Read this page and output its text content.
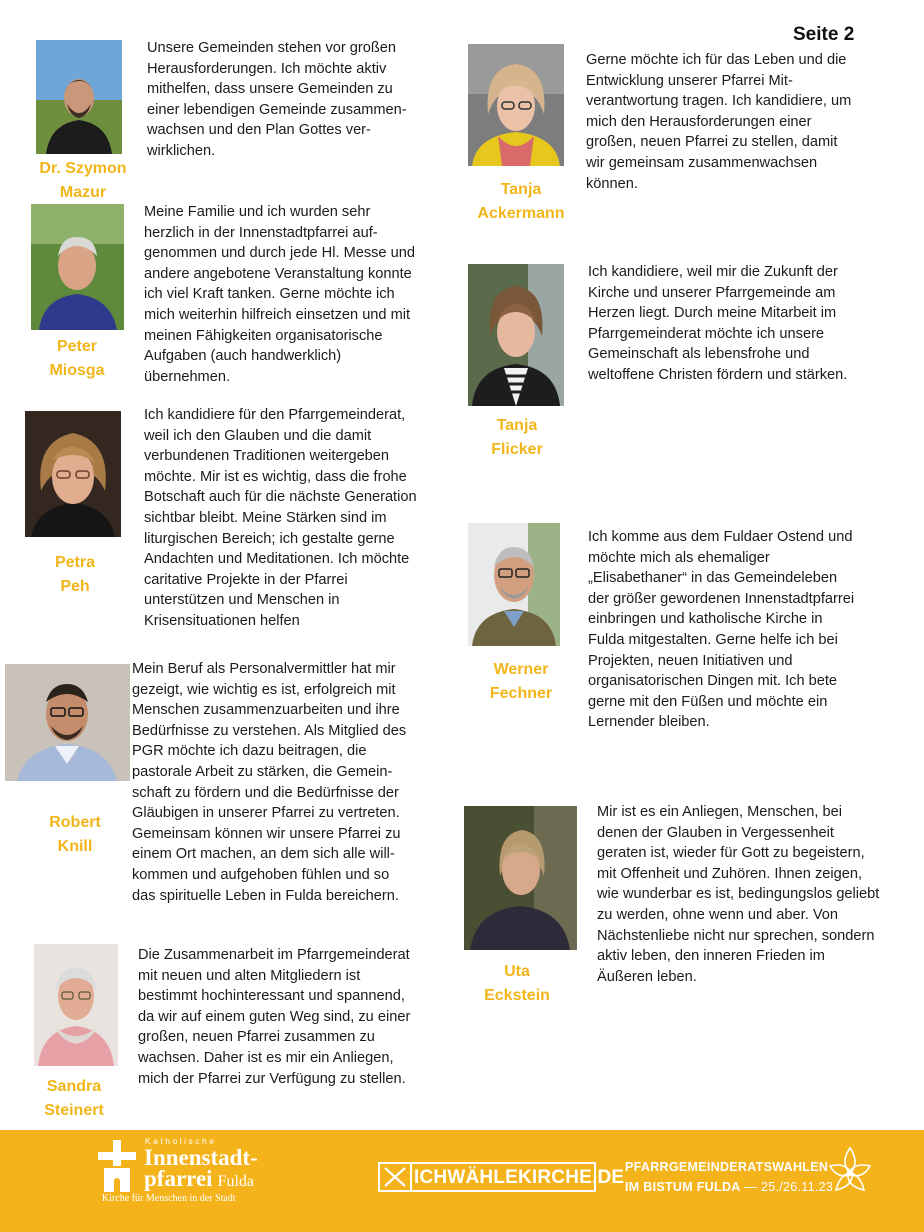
Seite 2
Dr. Szymon
Mazur
Unsere Gemeinden stehen vor großen
Herausforderungen. Ich möchte aktiv
mithelfen, dass unsere Gemeinden zu
einer lebendigen Gemeinde zusammen-
wachsen und den Plan Gottes ver-
wirklichen.
Peter
Miosga
Meine Familie und ich wurden sehr
herzlich in der Innenstadtpfarrei auf-
genommen und durch jede Hl. Messe und
andere angebotene Veranstaltung konnte
ich viel Kraft tanken. Gerne möchte ich
mich weiterhin hilfreich einsetzen und mit
meinen Fähigkeiten organisatorische
Aufgaben (auch handwerklich)
übernehmen.
Petra
Peh
Ich kandidiere für den Pfarrgemeinderat,
weil ich den Glauben und die damit
verbundenen Traditionen weitergeben
möchte. Mir ist es wichtig, dass die frohe
Botschaft auch für die nächste Generation
sichtbar bleibt. Meine Stärken sind im
liturgischen Bereich; ich gestalte gerne
Andachten und Meditationen. Ich möchte
caritative Projekte in der Pfarrei
unterstützen und Menschen in
Krisensituationen helfen
Robert
Knill
Mein Beruf als Personalvermittler hat mir
gezeigt, wie wichtig es ist, erfolgreich mit
Menschen zusammenzuarbeiten und ihre
Bedürfnisse zu verstehen. Als Mitglied des
PGR möchte ich dazu beitragen, die
pastorale Arbeit zu stärken, die Gemein-
schaft zu fördern und die Bedürfnisse der
Gläubigen in unserer Pfarrei zu vertreten.
Gemeinsam können wir unsere Pfarrei zu
einem Ort machen, an dem sich alle will-
kommen und aufgehoben fühlen und so
das spirituelle Leben in Fulda bereichern.
Sandra
Steinert
Die Zusammenarbeit im Pfarrgemeinderat
mit neuen und alten Mitgliedern ist
bestimmt hochinteressant und spannend,
da wir auf einem guten Weg sind, zu einer
großen, neuen Pfarrei zusammen zu
wachsen. Daher ist es mir ein Anliegen,
mich der Pfarrei zur Verfügung zu stellen.
Tanja
Ackermann
Gerne möchte ich für das Leben und die
Entwicklung unserer Pfarrei Mit-
verantwortung tragen. Ich kandidiere, um
mich den Herausforderungen einer
großen, neuen Pfarrei zu stellen, damit
wir gemeinsam zusammenwachsen
können.
Tanja
Flicker
Ich kandidiere, weil mir die Zukunft der
Kirche und unserer Pfarrgemeinde am
Herzen liegt. Durch meine Mitarbeit im
Pfarrgemeinderat möchte ich unsere
Gemeinschaft als lebensfrohe und
weltoffene Christen fördern und stärken.
Werner
Fechner
Ich komme aus dem Fuldaer Ostend und
möchte mich als ehemaliger
„Elisabethaner“ in das Gemeindeleben
der größer gewordenen Innenstadtpfarrei
einbringen und katholische Kirche in
Fulda mitgestalten. Gerne helfe ich bei
Projekten, neuen Initiativen und
organisatorischen Dingen mit. Ich bete
gerne mit den Füßen und möchte ein
Lernender bleiben.
Uta
Eckstein
Mir ist es ein Anliegen, Menschen, bei
denen der Glauben in Vergessenheit
geraten ist, wieder für Gott zu begeistern,
mit Offenheit und Zuhören. Ihnen zeigen,
wie wunderbar es ist, bedingungslos geliebt
zu werden, ohne wenn und aber. Von
Nächstenliebe nicht nur sprechen, sondern
aktiv leben, den inneren Frieden im
Äußeren leben.
Katholische
Innenstadt-
pfarrei Fulda
Kirche für Menschen in der Stadt
ICHWÄHLEKIRCHE.DE PFARRGEMEINDERATSWAHLEN
IM BISTUM FULDA — 25./26.11.23
